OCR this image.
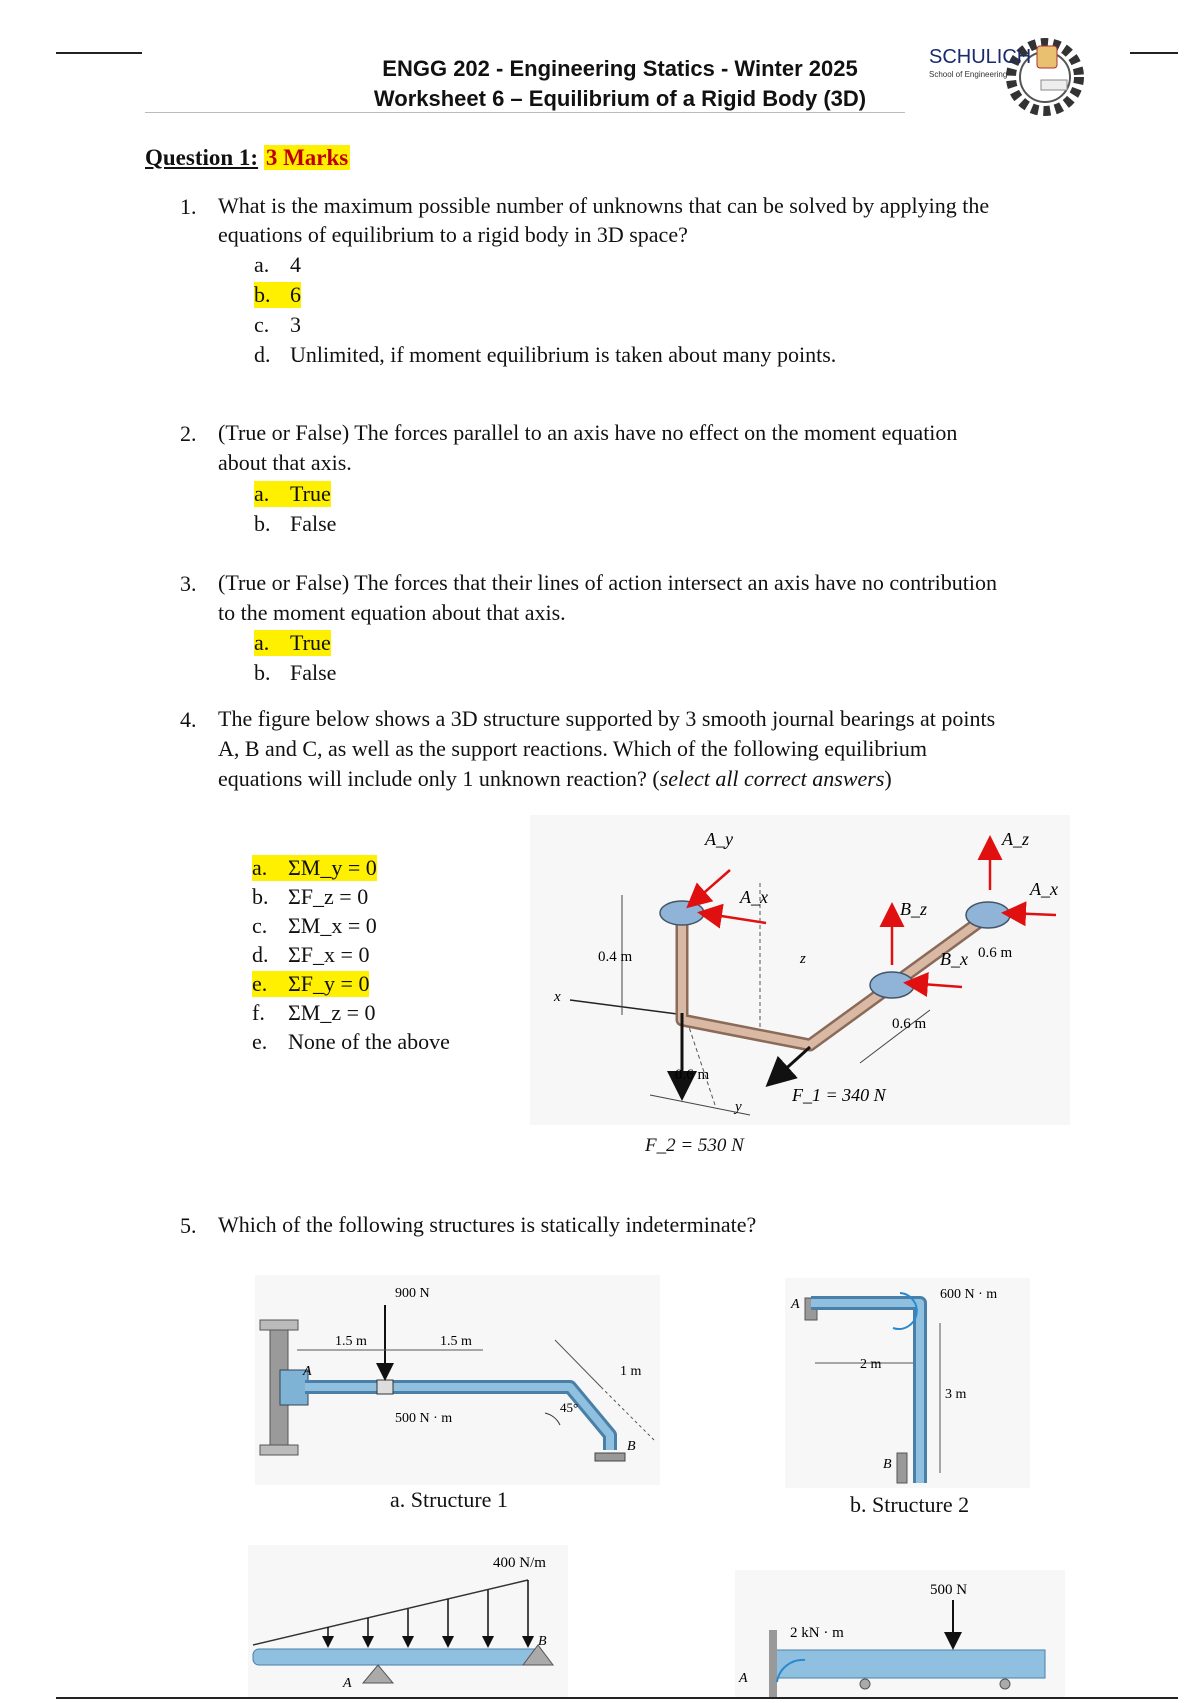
ENGG 202 - Engineering Statics - Winter 2025
Worksheet 6 – Equilibrium of a Rigid Body (3D)
SCHULICH
School of Engineering
Question 1: 3 Marks
1. What is the maximum possible number of unknowns that can be solved by applying the
equations of equilibrium to a rigid body in 3D space?
a. 4
b. 6
c. 3
d. Unlimited, if moment equilibrium is taken about many points.
2. (True or False) The forces parallel to an axis have no effect on the moment equation
about that axis.
a. True
b. False
3. (True or False) The forces that their lines of action intersect an axis have no contribution
to the moment equation about that axis.
a. True
b. False
4. The figure below shows a 3D structure supported by 3 smooth journal bearings at points
A, B and C, as well as the support reactions. Which of the following equilibrium
equations will include only 1 unknown reaction? (select all correct answers)
a. ΣM_y = 0
b. ΣF_z = 0
c. ΣM_x = 0
d. ΣF_x = 0
e. ΣF_y = 0
f. ΣM_z = 0
e. None of the above
A_y
A_x
A_z
A_x
B_z
B_x
0.4 m
0.6 m
0.6 m
0.6 m
x
y
z
F_1 = 340 N
F_2 = 530 N
5. Which of the following structures is statically indeterminate?
900 N
1.5 m	1.5 m
1 m
45°
500 N · m
A
B
a. Structure 1
600 N · m
2 m
3 m
A
B
b. Structure 2
400 N/m
A
B
500 N
2 kN · m
A
